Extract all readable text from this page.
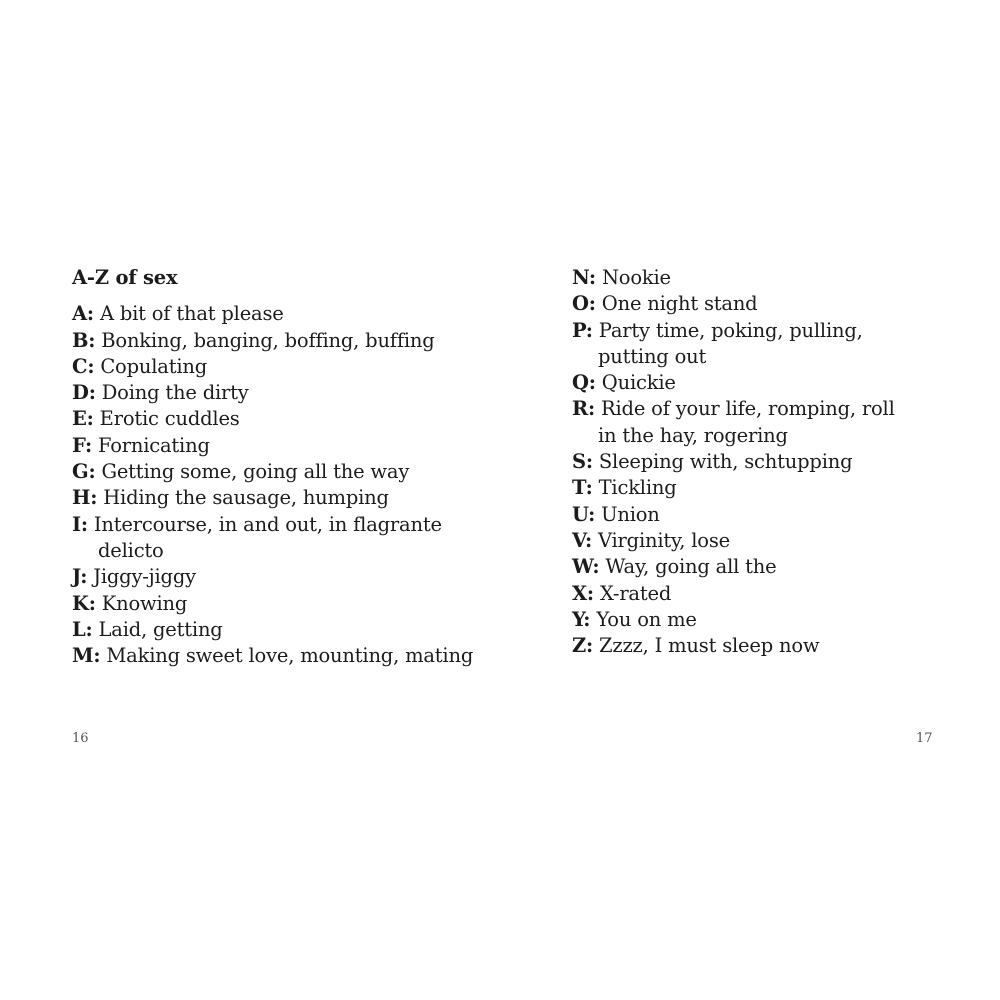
A-Z of sex
A: A bit of that please
B: Bonking, banging, boffing, buffing
C: Copulating
D: Doing the dirty
E: Erotic cuddles
F: Fornicating
G: Getting some, going all the way
H: Hiding the sausage, humping
I: Intercourse, in and out, in flagrante delicto
J: Jiggy-jiggy
K: Knowing
L: Laid, getting
M: Making sweet love, mounting, mating
N: Nookie
O: One night stand
P: Party time, poking, pulling, putting out
Q: Quickie
R: Ride of your life, romping, roll in the hay, rogering
S: Sleeping with, schtupping
T: Tickling
U: Union
V: Virginity, lose
W: Way, going all the
X: X-rated
Y: You on me
Z: Zzzz, I must sleep now
16	17
